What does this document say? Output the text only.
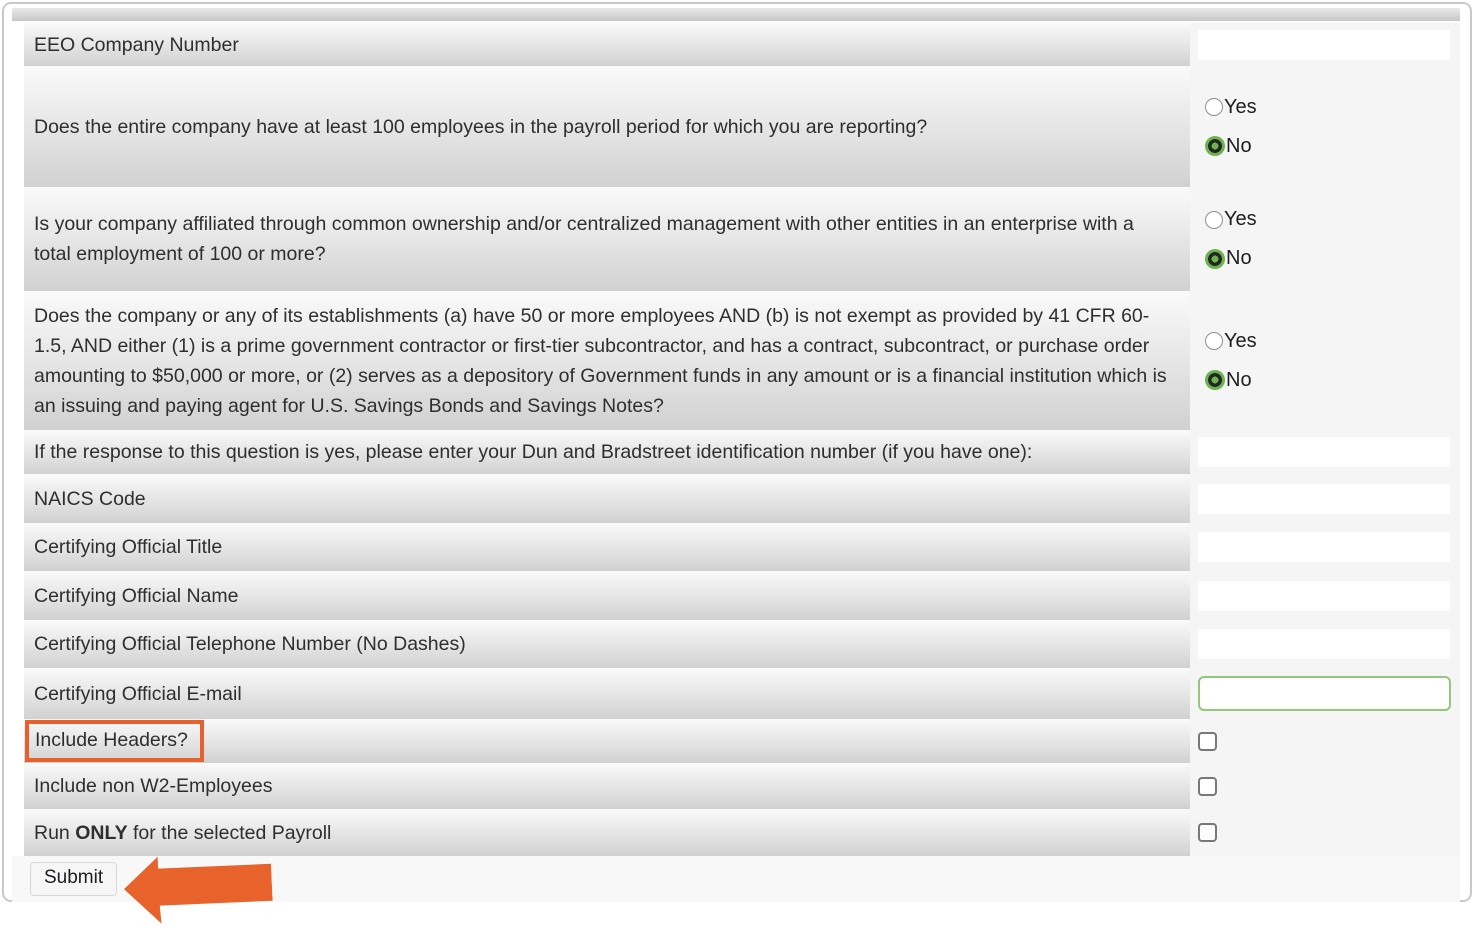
EEO Company Number
Does the entire company have at least 100 employees in the payroll period for which you are reporting?
Yes
No
Is your company affiliated through common ownership and/or centralized management with other entities in an enterprise with a total employment of 100 or more?
Yes
No
Does the company or any of its establishments (a) have 50 or more employees AND (b) is not exempt as provided by 41 CFR 60-1.5, AND either (1) is a prime government contractor or first-tier subcontractor, and has a contract, subcontract, or purchase order amounting to $50,000 or more, or (2) serves as a depository of Government funds in any amount or is a financial institution which is an issuing and paying agent for U.S. Savings Bonds and Savings Notes?
Yes
No
If the response to this question is yes, please enter your Dun and Bradstreet identification number (if you have one):
NAICS Code
Certifying Official Title
Certifying Official Name
Certifying Official Telephone Number (No Dashes)
Certifying Official E-mail
Include Headers?
Include non W2-Employees
Run ONLY for the selected Payroll
Submit
